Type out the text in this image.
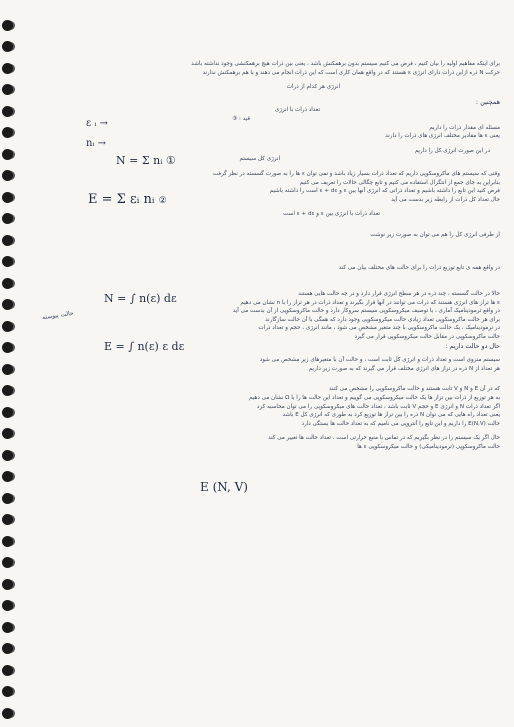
ε ᵢ →
nᵢ →
N = Σ nᵢ ①
E = Σ εᵢ nᵢ ②
N = ∫ n(ε) dε
E = ∫ n(ε) ε dε
E (N, V)
حالت پیوسته
برای اینکه مفاهیم اولیه را بیان کنیم ، فرض می کنیم سیستم بدون برهمکنش باشد ، یعنی بین ذرات هیچ برهمکنشی وجود نداشته باشد
حرکت N ذره ازاین ذرات دارای انرژی ε هستند که در واقع همان کاری است که این ذرات انجام می دهند و با هم برهمکنش ندارند
انرژی هر کدام از ذرات
همچنین :
تعداد ذرات با انرژی
قید : ③
مسئله ای مقدار ذرات را داریم
یعنی ε ها مقادیر مختلف انرژی های ذرات را دارند
در این صورت انرژی کل را داریم
انرژی کل سیستم
وقتی که سیستم های ماکروسکوپی داریم که تعداد ذرات بسیار زیاد باشد و نمی توان ε ها را به صورت گسسته در نظر گرفت
بنابراین به جای جمع از انتگرال استفاده می کنیم و تابع چگالی حالات را تعریف می کنیم
فرض کنید این تابع را داشته باشیم و تعداد ذراتی که انرژی آنها بین ε و ε + dε است را داشته باشیم
حال تعداد کل ذرات از رابطه زیر بدست می آید
تعداد ذرات با انرژی بین ε و ε + dε است
از طرفی انرژی کل را هم می توان به صورت زیر نوشت
در واقع همه ی تابع توزیع ذرات را برای حالت های مختلف بیان می کند
حالا در حالت گسسته ، چند ذره در هر سطح انرژی قرار دارد و در چه حالت هایی هستند
ε ها تراز های انرژی هستند که ذرات می توانند در آنها قرار بگیرند و تعداد ذرات در هر تراز را با n نشان می دهیم
در واقع ترمودینامیک آماری ، با توصیف میکروسکوپی سیستم سروکار دارد و حالت ماکروسکوپی از آن بدست می آید
برای هر حالت ماکروسکوپی تعداد زیادی حالت میکروسکوپی وجود دارد که همگی با آن حالت سازگارند
در ترمودینامیک ، یک حالت ماکروسکوپی با چند متغیر مشخص می شود ، مانند انرژی ، حجم و تعداد ذرات
حالت ماکروسکوپی در مقابل حالت میکروسکوپی قرار می گیرد
حال دو حالت داریم :
سیستم منزوی است و تعداد ذرات و انرژی کل ثابت است ، و حالت آن با متغیرهای زیر مشخص می شود
هر تعداد از N ذره در تراز های انرژی مختلف قرار می گیرند که به صورت زیر داریم
که در آن E و N و V ثابت هستند و حالت ماکروسکوپی را مشخص می کنند
به هر توزیع از ذرات بین تراز ها یک حالت میکروسکوپی می گوییم و تعداد این حالت ها را با Ω نشان می دهیم
اگر تعداد ذرات N و انرژی E و حجم V ثابت باشد ، تعداد حالت های میکروسکوپی را می توان محاسبه کرد
یعنی تعداد راه هایی که می توان N ذره را بین تراز ها توزیع کرد به طوری که انرژی کل E باشد
حالت E(N,V) را داریم و این تابع را آنتروپی می نامیم که به تعداد حالت ها بستگی دارد
حال اگر یک سیستم را در نظر بگیریم که در تماس با منبع حرارتی است ، تعداد حالت ها تغییر می کند
حالت ماکروسکوپی (ترمودینامیکی) و حالت میکروسکوپی ε ها
